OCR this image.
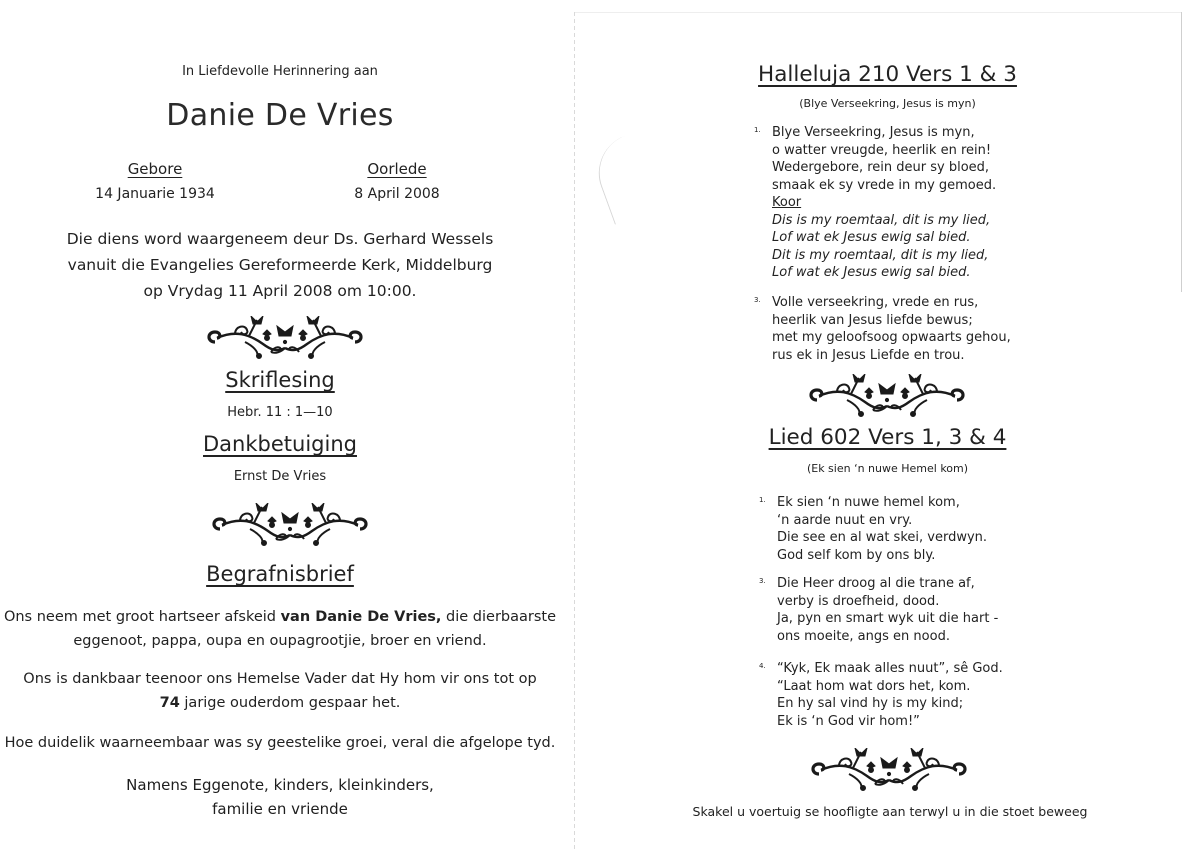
In Liefdevolle Herinnering aan
Danie De Vries
Gebore
14 Januarie 1934
Oorlede
8 April 2008
Die diens word waargeneem deur Ds. Gerhard Wessels
vanuit die Evangelies Gereformeerde Kerk, Middelburg
op Vrydag 11 April 2008 om 10:00.
Skriflesing
Hebr. 11 : 1—10
Dankbetuiging
Ernst De Vries
Begrafnisbrief
Ons neem met groot hartseer afskeid van Danie De Vries, die dierbaarste
eggenoot, pappa, oupa en oupagrootjie, broer en vriend.
Ons is dankbaar teenoor ons Hemelse Vader dat Hy hom vir ons tot op
74 jarige ouderdom gespaar het.
Hoe duidelik waarneembaar was sy geestelike groei, veral die afgelope tyd.
Namens Eggenote, kinders, kleinkinders,
familie en vriende
Halleluja 210 Vers 1 & 3
(Blye Verseekring, Jesus is myn)
1. Blye Verseekring, Jesus is myn,
o watter vreugde, heerlik en rein!
Wedergebore, rein deur sy bloed,
smaak ek sy vrede in my gemoed.
Koor
Dis is my roemtaal, dit is my lied,
Lof wat ek Jesus ewig sal bied.
Dit is my roemtaal, dit is my lied,
Lof wat ek Jesus ewig sal bied.
3. Volle verseekring, vrede en rus,
heerlik van Jesus liefde bewus;
met my geloofsoog opwaarts gehou,
rus ek in Jesus Liefde en trou.
Lied 602 Vers 1, 3 & 4
(Ek sien ‘n nuwe Hemel kom)
1. Ek sien ‘n nuwe hemel kom,
‘n aarde nuut en vry.
Die see en al wat skei, verdwyn.
God self kom by ons bly.
3. Die Heer droog al die trane af,
verby is droefheid, dood.
Ja, pyn en smart wyk uit die hart -
ons moeite, angs en nood.
4. “Kyk, Ek maak alles nuut”, sê God.
“Laat hom wat dors het, kom.
En hy sal vind hy is my kind;
Ek is ‘n God vir hom!”
Skakel u voertuig se hoofligte aan terwyl u in die stoet beweeg
